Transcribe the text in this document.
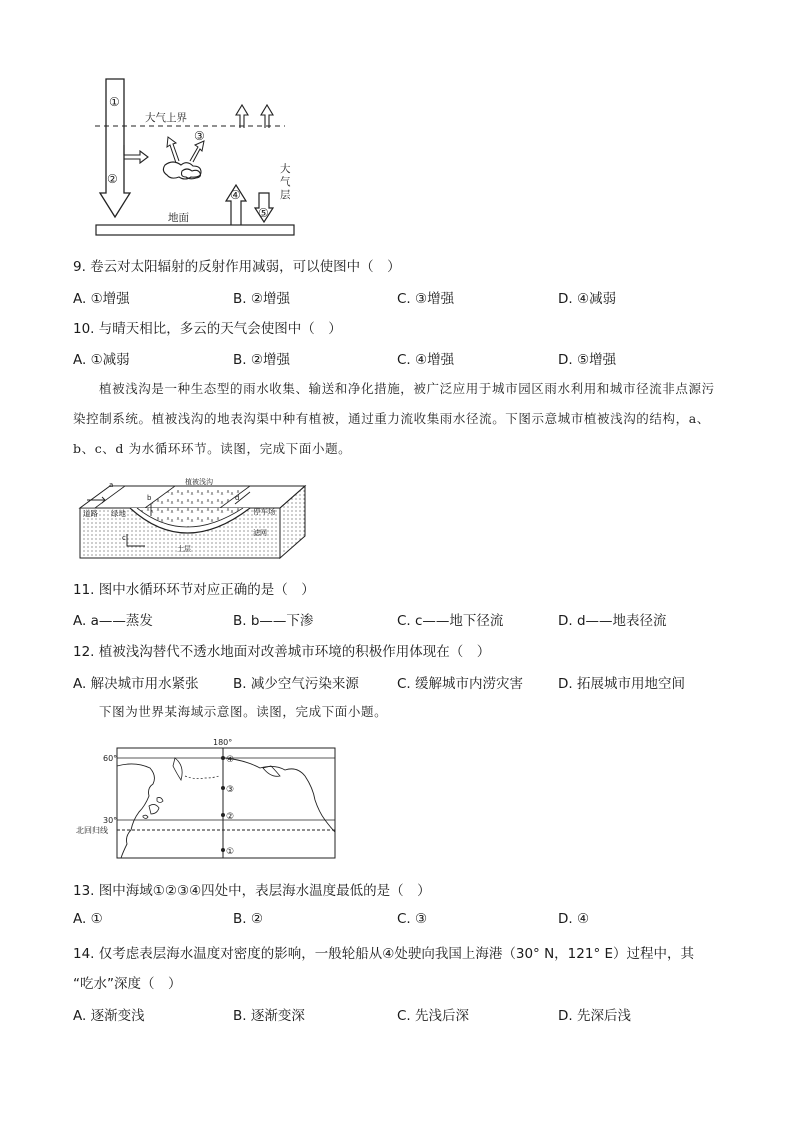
①
②
大气上界
③
大
气
层
④
⑤
地面
9. 卷云对太阳辐射的反射作用减弱，可以使图中（　）
A. ①增强	B. ②增强	C. ③增强	D. ④减弱
10. 与晴天相比，多云的天气会使图中（　）
A. ①减弱	B. ②增强	C. ④增强	D. ⑤增强
植被浅沟是一种生态型的雨水收集、输送和净化措施，被广泛应用于城市园区雨水利用和城市径流非点源污染控制系统。植被浅沟的地表沟渠中种有植被，通过重力流收集雨水径流。下图示意城市植被浅沟的结构，a、b、c、d 为水循环环节。读图，完成下面小题。
道路 绿地
植被浅沟
停车场
滤网
土层
a
b
c
d
11. 图中水循环环节对应正确的是（　）
A. a——蒸发	B. b——下渗	C. c——地下径流	D. d——地表径流
12. 植被浅沟替代不透水地面对改善城市环境的积极作用体现在（　）
A. 解决城市用水紧张	B. 减少空气污染来源	C. 缓解城市内涝灾害	D. 拓展城市用地空间
下图为世界某海域示意图。读图，完成下面小题。
180°
60°
30°
北回归线
④
③
②
①
13. 图中海域①②③④四处中，表层海水温度最低的是（　）
A. ①	B. ②	C. ③	D. ④
14. 仅考虑表层海水温度对密度的影响，一般轮船从④处驶向我国上海港（30° N，121° E）过程中，其
“吃水”深度（　）
A. 逐渐变浅	B. 逐渐变深	C. 先浅后深	D. 先深后浅
